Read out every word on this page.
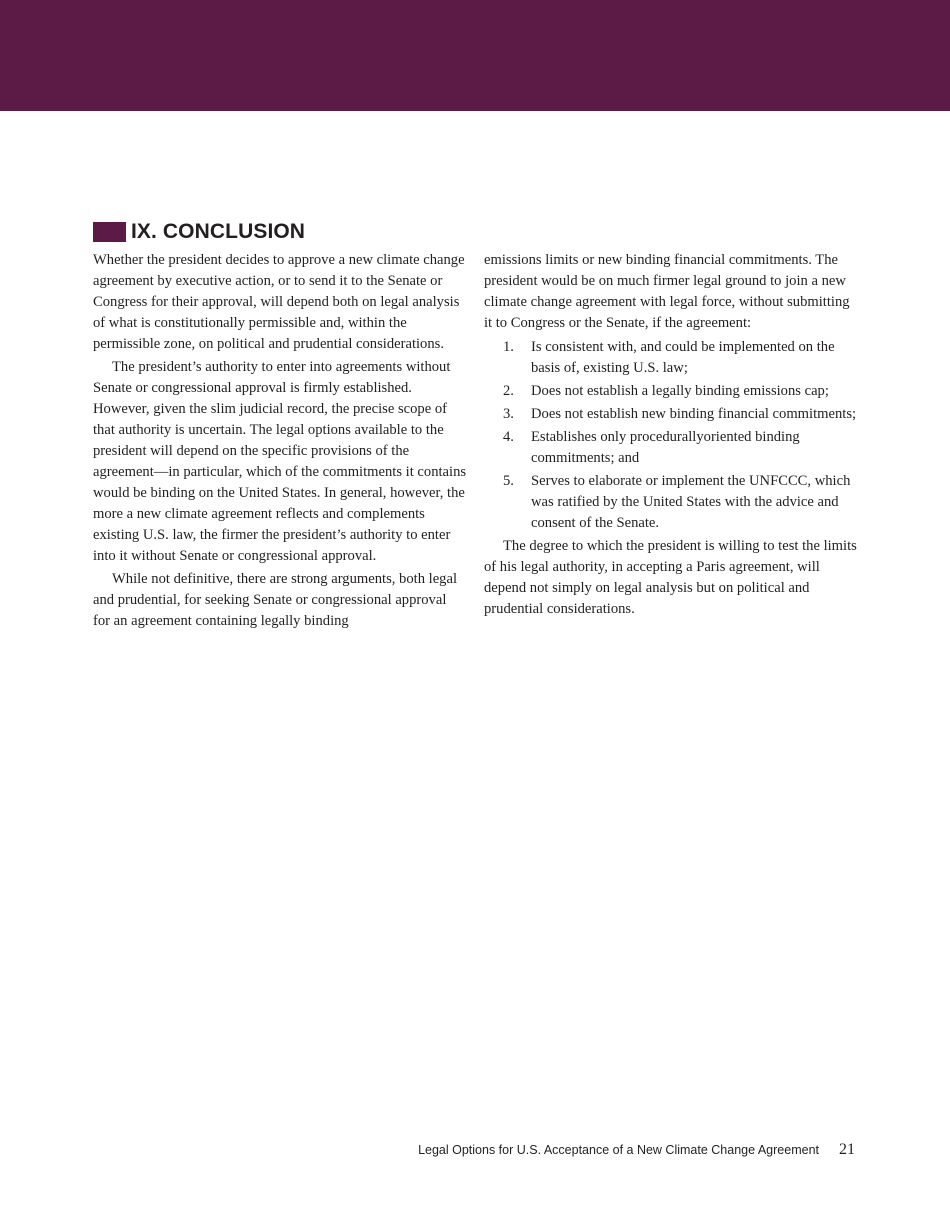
IX. CONCLUSION

Whether the president decides to approve a new climate change agreement by executive action, or to send it to the Senate or Congress for their approval, will depend both on legal analysis of what is constitutionally permissible and, within the permissible zone, on political and prudential considerations.

The president’s authority to enter into agreements without Senate or congressional approval is firmly established. However, given the slim judicial record, the precise scope of that authority is uncertain. The legal options available to the president will depend on the specific provisions of the agreement—in particular, which of the commitments it contains would be binding on the United States. In general, however, the more a new climate agreement reflects and complements existing U.S. law, the firmer the president’s authority to enter into it without Senate or congressional approval.

While not definitive, there are strong arguments, both legal and prudential, for seeking Senate or congressional approval for an agreement containing legally binding

emissions limits or new binding financial commitments. The president would be on much firmer legal ground to join a new climate change agreement with legal force, without submitting it to Congress or the Senate, if the agreement:

1. Is consistent with, and could be implemented on the basis of, existing U.S. law;
2. Does not establish a legally binding emissions cap;
3. Does not establish new binding financial commitments;
4. Establishes only procedurallyoriented binding commitments; and
5. Serves to elaborate or implement the UNFCCC, which was ratified by the United States with the advice and consent of the Senate.

The degree to which the president is willing to test the limits of his legal authority, in accepting a Paris agreement, will depend not simply on legal analysis but on political and prudential considerations.

Legal Options for U.S. Acceptance of a New Climate Change Agreement 21
